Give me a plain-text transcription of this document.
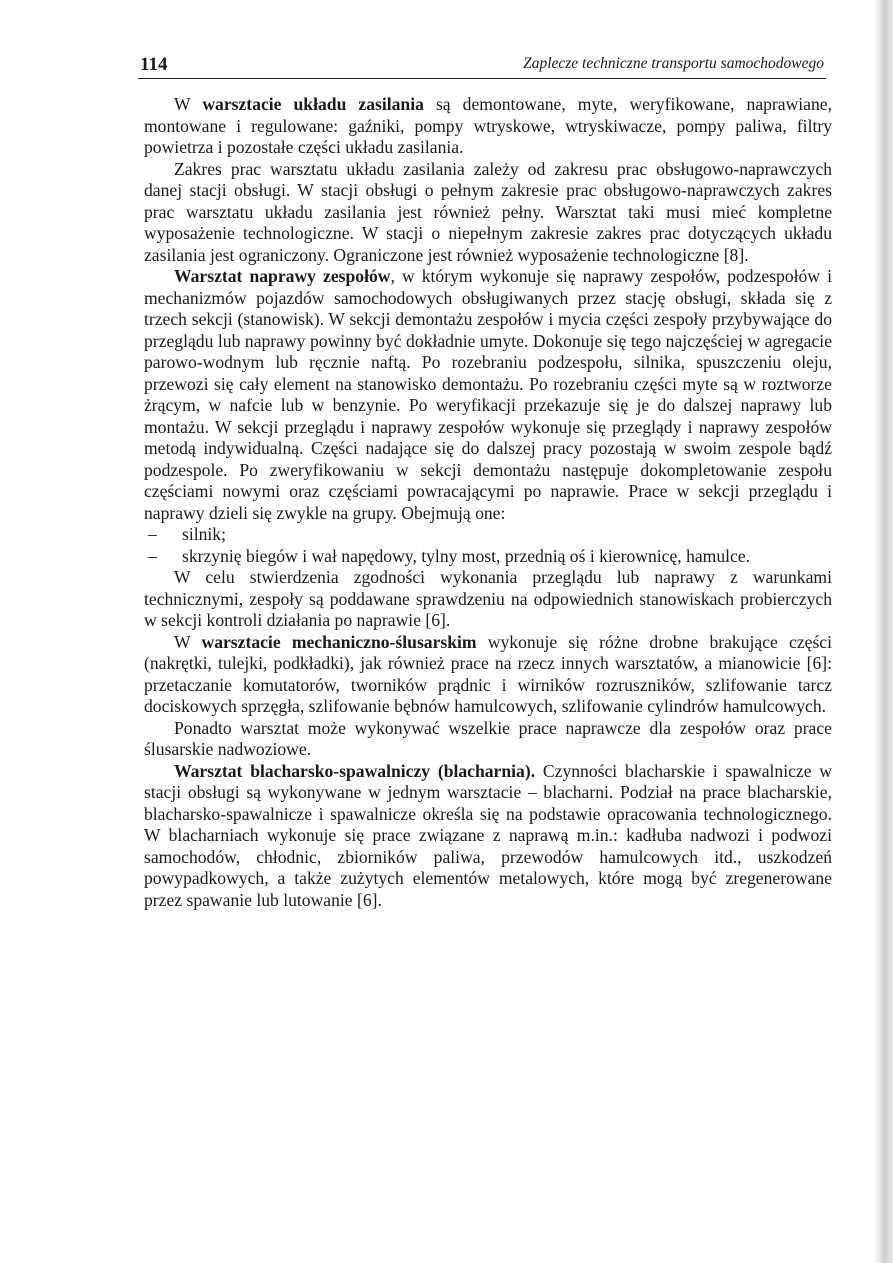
114	Zaplecze techniczne transportu samochodowego

W warsztacie układu zasilania są demontowane, myte, weryfikowane, naprawiane, montowane i regulowane: gaźniki, pompy wtryskowe, wtryskiwacze, pompy paliwa, filtry powietrza i pozostałe części układu zasilania.

Zakres prac warsztatu układu zasilania zależy od zakresu prac obsługowo-naprawczych danej stacji obsługi. W stacji obsługi o pełnym zakresie prac obsługowo-naprawczych zakres prac warsztatu układu zasilania jest również pełny. Warsztat taki musi mieć kompletne wyposażenie technologiczne. W stacji o niepełnym zakresie zakres prac dotyczących układu zasilania jest ograniczony. Ograniczone jest również wyposażenie technologiczne [8].

Warsztat naprawy zespołów, w którym wykonuje się naprawy zespołów, podzespołów i mechanizmów pojazdów samochodowych obsługiwanych przez stację obsługi, składa się z trzech sekcji (stanowisk). W sekcji demontażu zespołów i mycia części zespoły przybywające do przeglądu lub naprawy powinny być dokładnie umyte. Dokonuje się tego najczęściej w agregacie parowo-wodnym lub ręcznie naftą. Po rozebraniu podzespołu, silnika, spuszczeniu oleju, przewozi się cały element na stanowisko demontażu. Po rozebraniu części myte są w roztworze żrącym, w nafcie lub w benzynie. Po weryfikacji przekazuje się je do dalszej naprawy lub montażu. W sekcji przeglądu i naprawy zespołów wykonuje się przeglądy i naprawy zespołów metodą indywidualną. Części nadające się do dalszej pracy pozostają w swoim zespole bądź podzespole. Po zweryfikowaniu w sekcji demontażu następuje dokompletowanie zespołu częściami nowymi oraz częściami powracającymi po naprawie. Prace w sekcji przeglądu i naprawy dzieli się zwykle na grupy. Obejmują one:

– silnik;
– skrzynię biegów i wał napędowy, tylny most, przednią oś i kierownicę, hamulce.

W celu stwierdzenia zgodności wykonania przeglądu lub naprawy z warunkami technicznymi, zespoły są poddawane sprawdzeniu na odpowiednich stanowiskach probierczych w sekcji kontroli działania po naprawie [6].

W warsztacie mechaniczno-ślusarskim wykonuje się różne drobne brakujące części (nakrętki, tulejki, podkładki), jak również prace na rzecz innych warsztatów, a mianowicie [6]: przetaczanie komutatorów, tworników prądnic i wirników rozruszników, szlifowanie tarcz dociskowych sprzęgła, szlifowanie bębnów hamulcowych, szlifowanie cylindrów hamulcowych.

Ponadto warsztat może wykonywać wszelkie prace naprawcze dla zespołów oraz prace ślusarskie nadwoziowe.

Warsztat blacharsko-spawalniczy (blacharnia). Czynności blacharskie i spawalnicze w stacji obsługi są wykonywane w jednym warsztacie – blacharni. Podział na prace blacharskie, blacharsko-spawalnicze i spawalnicze określa się na podstawie opracowania technologicznego. W blacharniach wykonuje się prace związane z naprawą m.in.: kadłuba nadwozi i podwozi samochodów, chłodnic, zbiorników paliwa, przewodów hamulcowych itd., uszkodzeń powypadkowych, a także zużytych elementów metalowych, które mogą być zregenerowane przez spawanie lub lutowanie [6].
